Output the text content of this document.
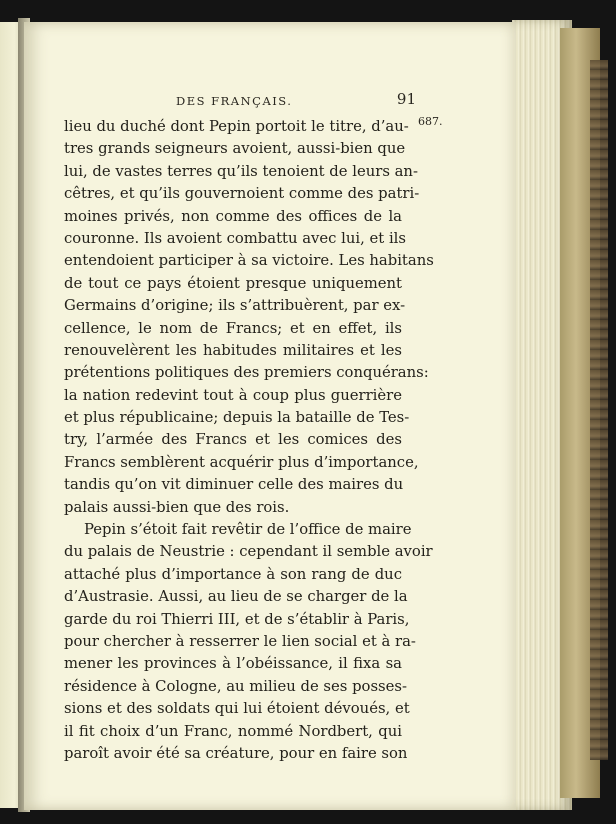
DES FRANÇAIS.	91
687.
lieu du duché dont Pepin portoit le titre, d’au-
tres grands seigneurs avoient, aussi-bien que
lui, de vastes terres qu’ils tenoient de leurs an-
cêtres, et qu’ils gouvernoient comme des patri-
moines privés, non comme des offices de la
couronne. Ils avoient combattu avec lui, et ils
entendoient participer à sa victoire. Les habitans
de tout ce pays étoient presque uniquement
Germains d’origine; ils s’attribuèrent, par ex-
cellence, le nom de Francs; et en effet, ils
renouvelèrent les habitudes militaires et les
prétentions politiques des premiers conquérans:
la nation redevint tout à coup plus guerrière
et plus républicaine; depuis la bataille de Tes-
try, l’armée des Francs et les comices des
Francs semblèrent acquérir plus d’importance,
tandis qu’on vit diminuer celle des maires du
palais aussi-bien que des rois.
Pepin s’étoit fait revêtir de l’office de maire
du palais de Neustrie : cependant il semble avoir
attaché plus d’importance à son rang de duc
d’Austrasie. Aussi, au lieu de se charger de la
garde du roi Thierri III, et de s’établir à Paris,
pour chercher à resserrer le lien social et à ra-
mener les provinces à l’obéissance, il fixa sa
résidence à Cologne, au milieu de ses posses-
sions et des soldats qui lui étoient dévoués, et
il fit choix d’un Franc, nommé Nordbert, qui
paroît avoir été sa créature, pour en faire son
